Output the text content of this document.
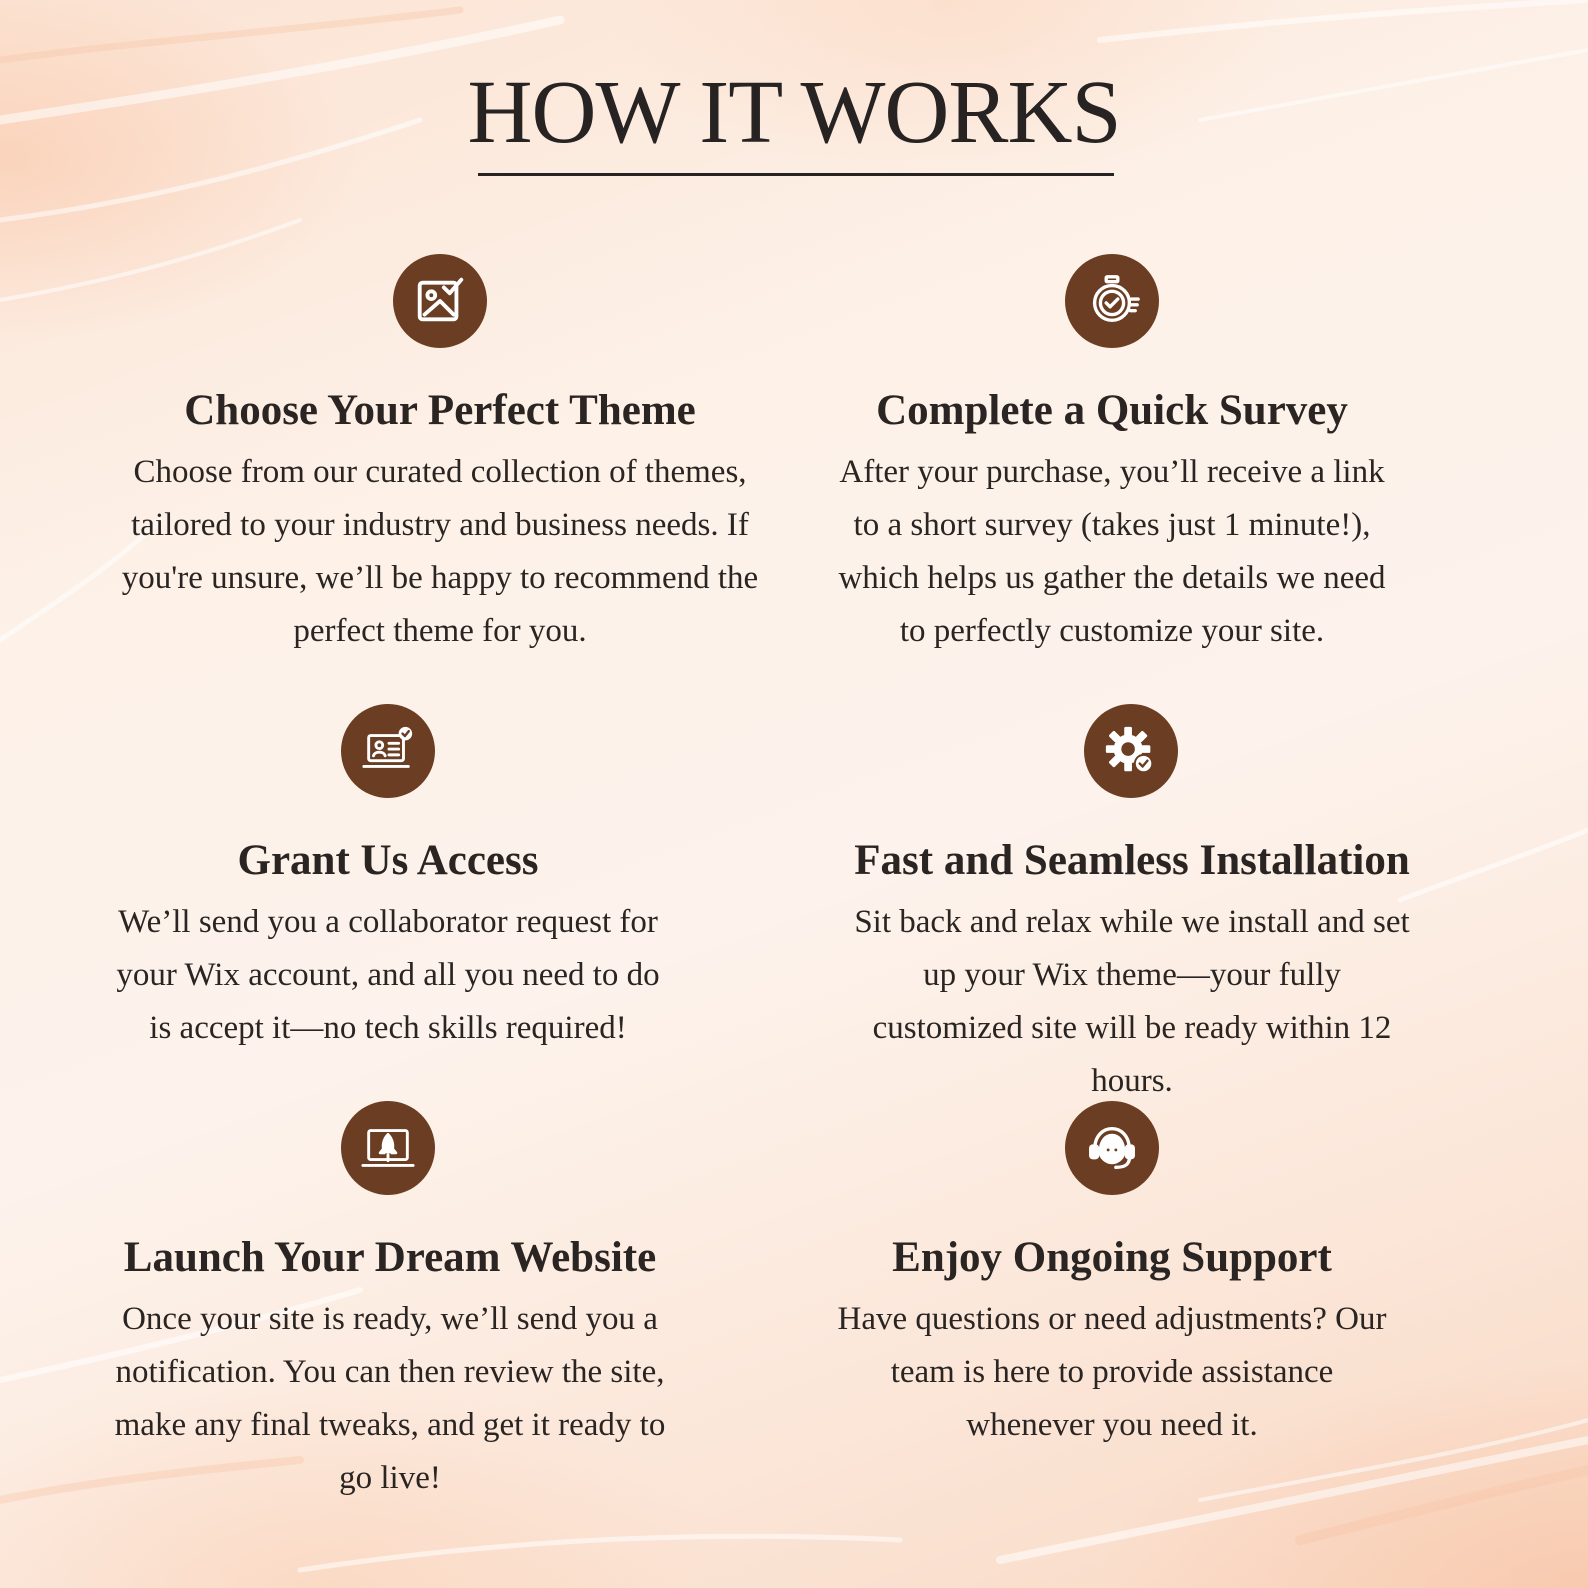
HOW IT WORKS
Choose Your Perfect Theme
Choose from our curated collection of themes, tailored to your industry and business needs. If you're unsure, we’ll be happy to recommend the perfect theme for you.
Complete a Quick Survey
After your purchase, you’ll receive a link to a short survey (takes just 1 minute!), which helps us gather the details we need to perfectly customize your site.
Grant Us Access
We’ll send you a collaborator request for your Wix account, and all you need to do is accept it—no tech skills required!
Fast and Seamless Installation
Sit back and relax while we install and set up your Wix theme—your fully customized site will be ready within 12 hours.
Launch Your Dream Website
Once your site is ready, we’ll send you a notification. You can then review the site, make any final tweaks, and get it ready to go live!
Enjoy Ongoing Support
Have questions or need adjustments? Our team is here to provide assistance whenever you need it.
